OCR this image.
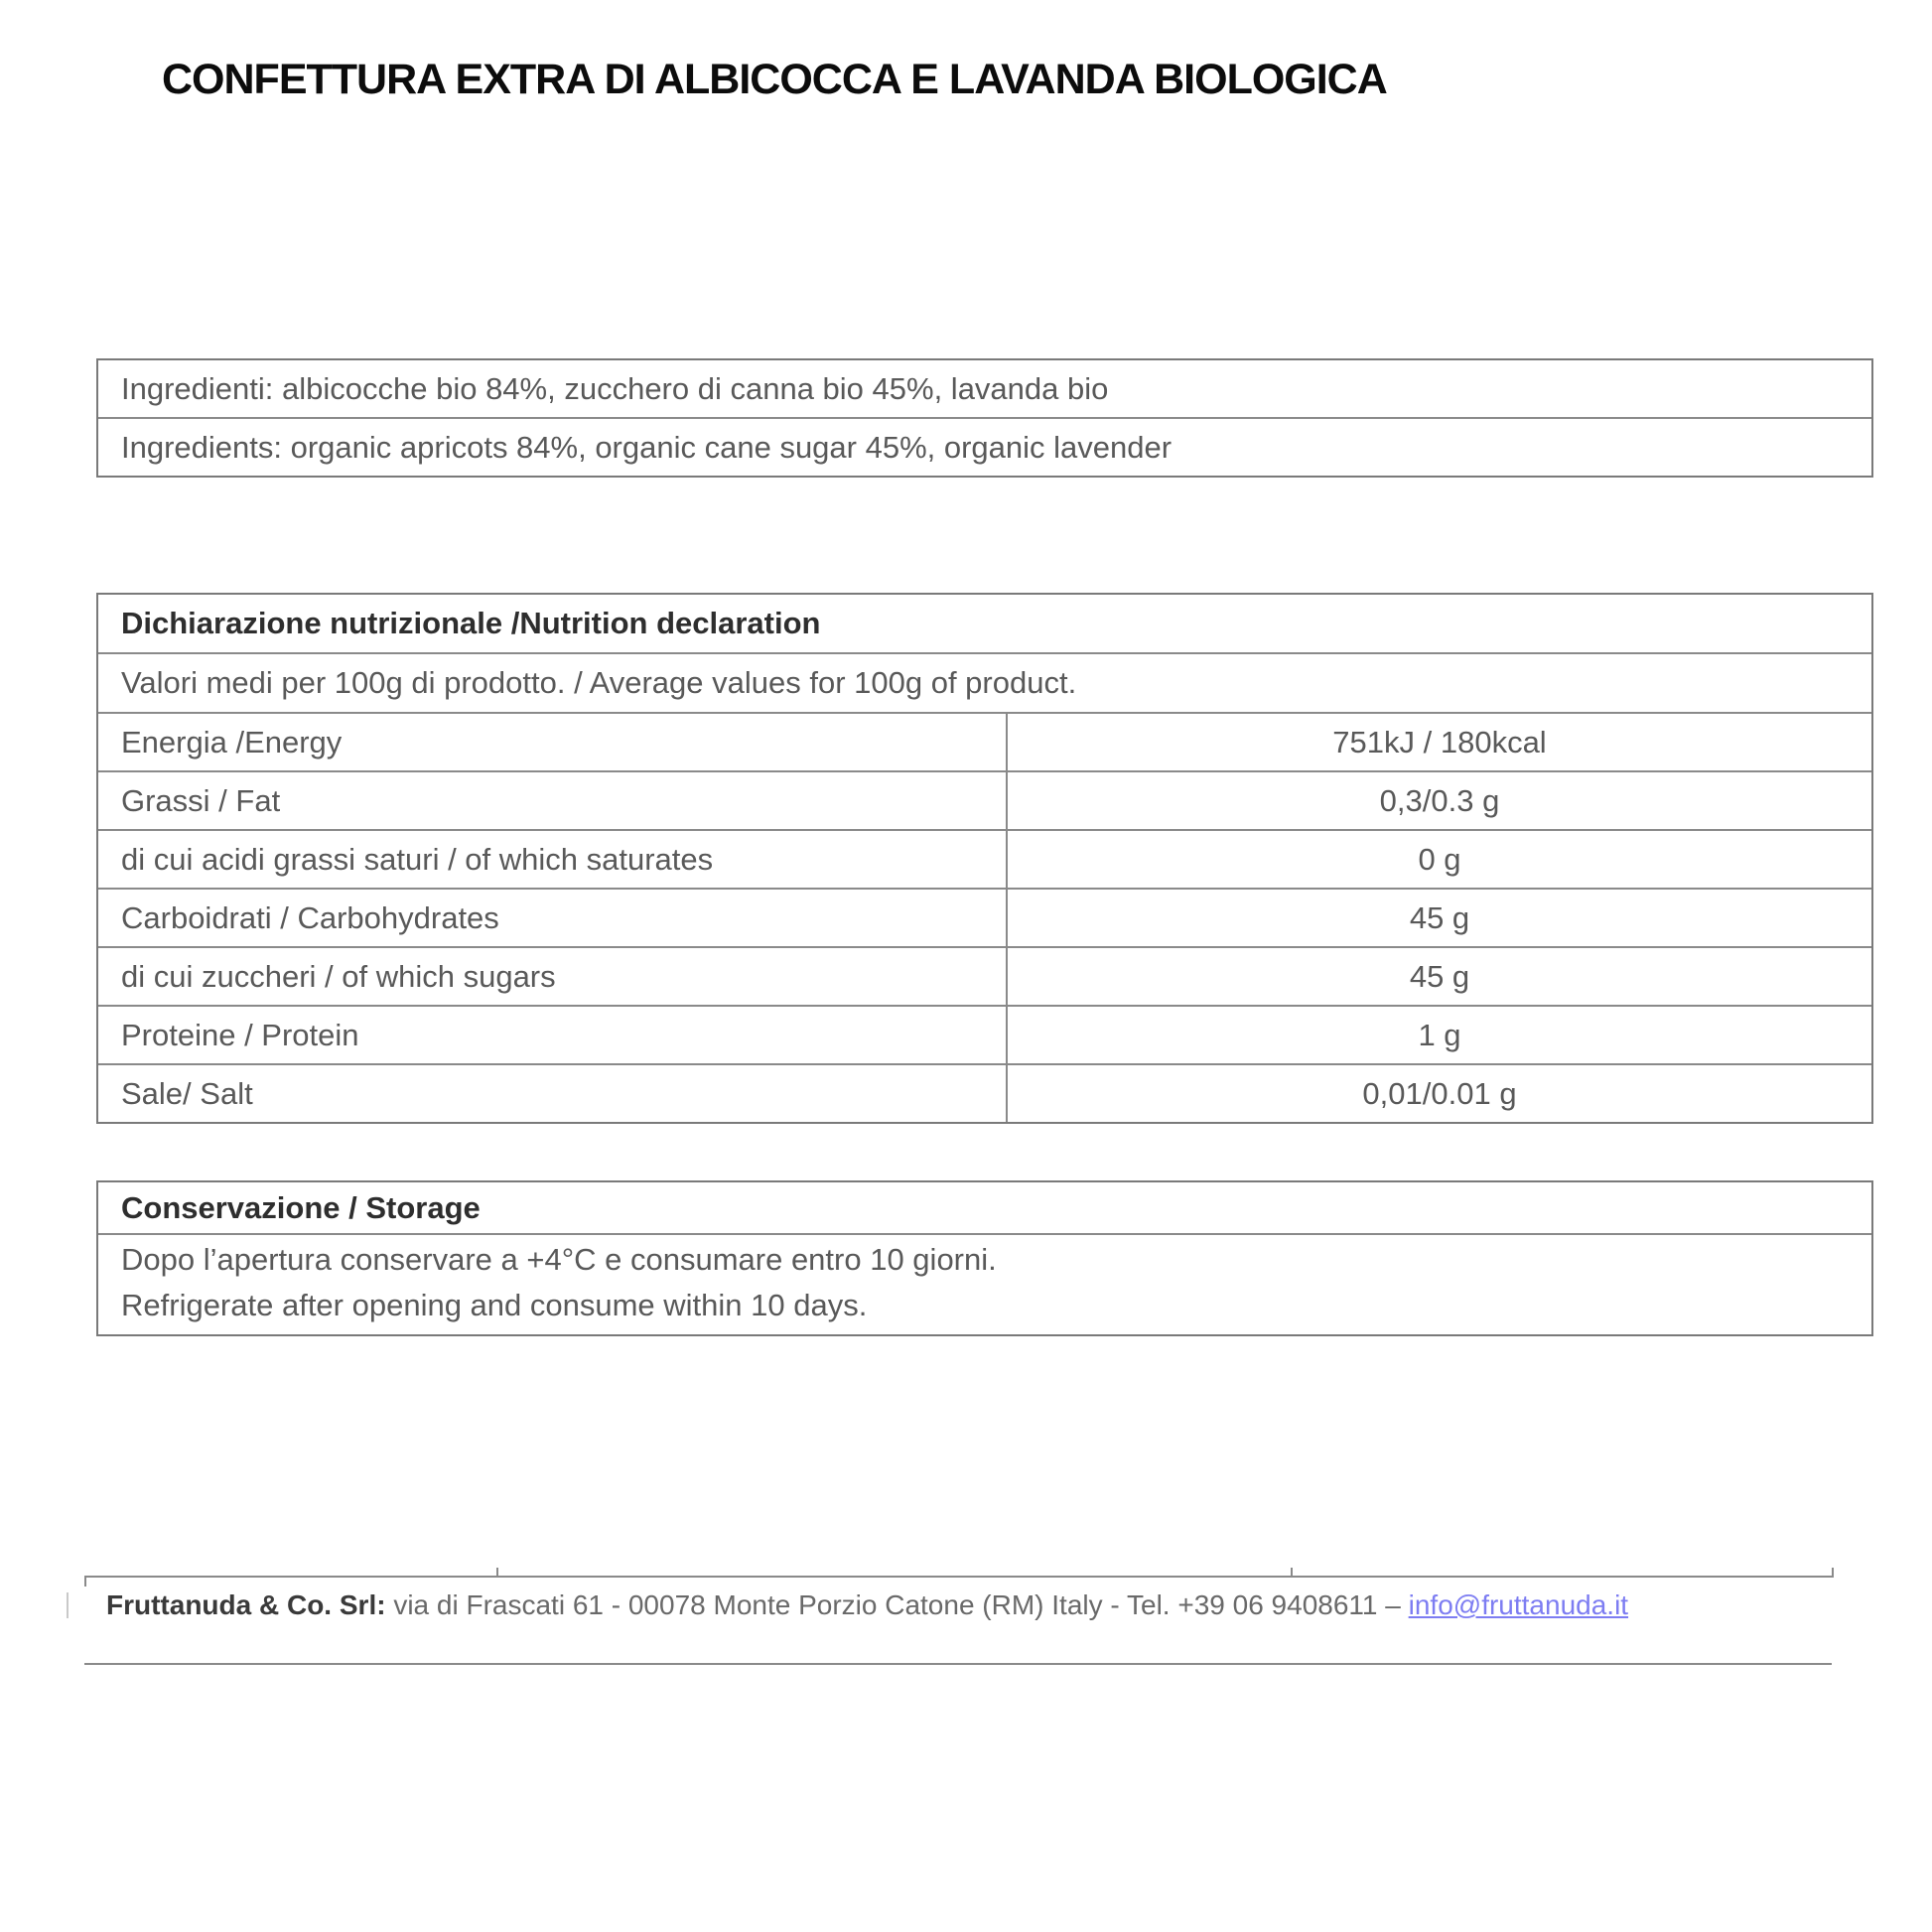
CONFETTURA EXTRA DI ALBICOCCA E LAVANDA BIOLOGICA
Ingredienti: albicocche bio 84%, zucchero di canna bio 45%, lavanda bio
Ingredients: organic apricots 84%, organic cane sugar 45%, organic lavender
Dichiarazione nutrizionale /Nutrition declaration
Valori medi per 100g di prodotto. / Average values for 100g of product.
Energia /Energy	751kJ / 180kcal
Grassi / Fat	0,3/0.3 g
di cui acidi grassi saturi / of which saturates	0 g
Carboidrati / Carbohydrates	45 g
di cui zuccheri / of which sugars	45 g
Proteine / Protein	1 g
Sale/ Salt	0,01/0.01 g
Conservazione / Storage
Dopo l’apertura conservare a +4°C e consumare entro 10 giorni.
Refrigerate after opening and consume within 10 days.
Fruttanuda & Co. Srl: via di Frascati 61 - 00078 Monte Porzio Catone (RM) Italy - Tel. +39 06 9408611 – info@fruttanuda.it
